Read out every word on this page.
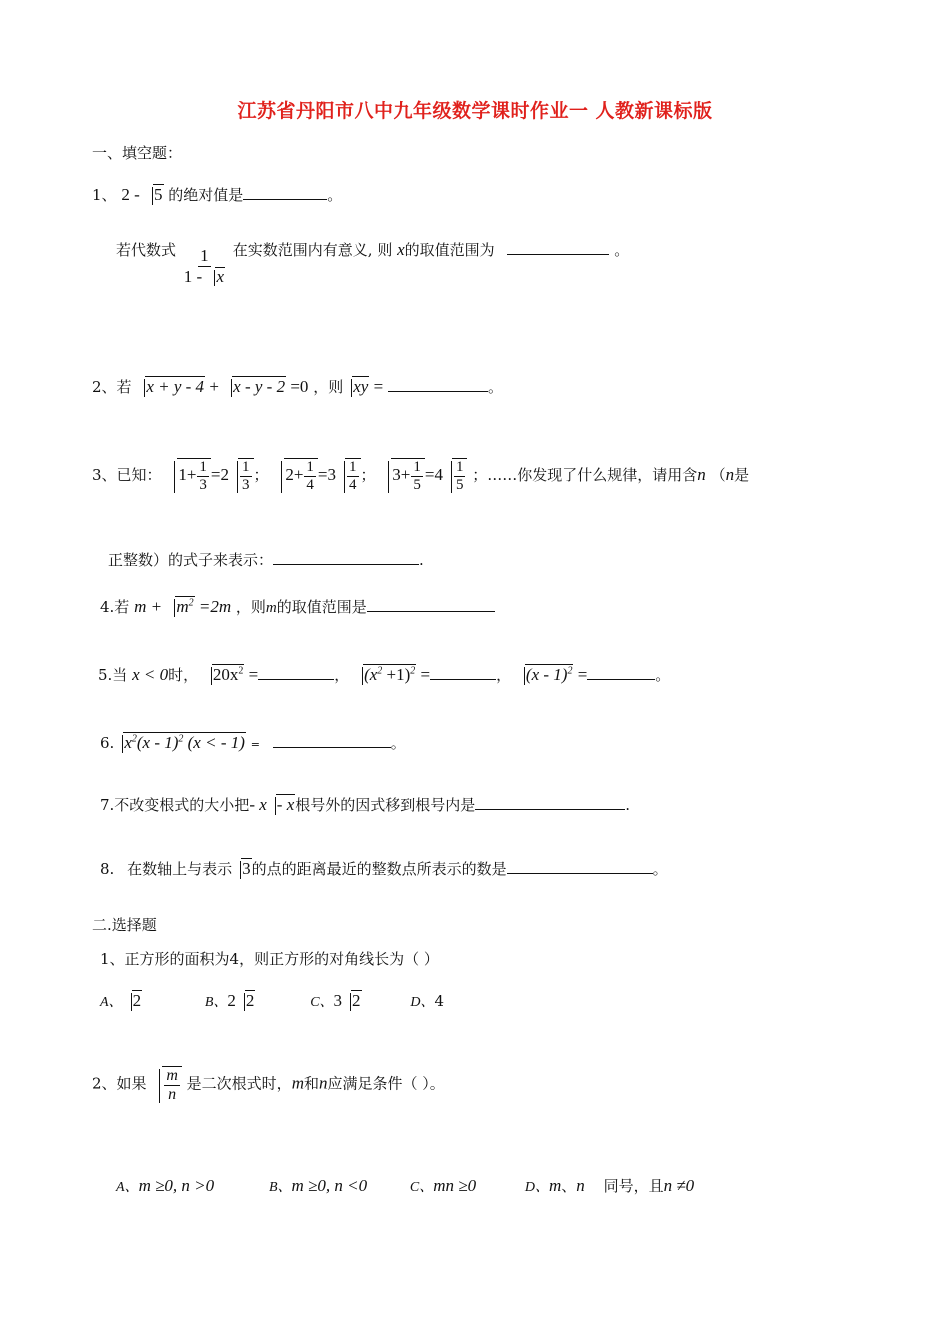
江苏省丹阳市八中九年级数学课时作业一 人教新课标版
一、填空题：
1、 2 - 5 的绝对值是	。
若代数式 $\frac{1}{1 - x}$ 在实数范围内有意义, 则 x的取值范围为	。
2、若 x + y - 4 + x - y - 2 =0 ，则 xy =	。
3、已知： $1+ \frac{1}{3} =2 \frac{1}{3}$ ； $2+ \frac{1}{4} =3 \frac{1}{4}$ ； $3+ \frac{1}{5} =4 \frac{1}{5}$ ；……你发现了什么规律，请用含n （n是
正整数）的式子来表示：	.
4.若 $m + m^2 =2m$ ，则m的取值范围是
5.当 x < 0时， $20x^2$ =	， $(x^2 +1)^2$ =	， (x - 1)$^2$ =	。
6. $x^2(x - 1)^2$ (x < - 1) =	。
7.不改变根式的大小把- x - x根号外的因式移到根号内是	.
8. 在数轴上与表示 3的点的距离最近的整数点所表示的数是	。
二.选择题
1、正方形的面积为4，则正方形的对角线长为（ ）
A、 2	B、2 2	C、3 2	D、4
2、如果 $\frac{m}{n}$ 是二次根式时，m和n应满足条件（ ）。
A、m ≥0, n >0	B、m ≥0, n <0	C、mn ≥0	D、m、n 同号，且n ≠0
